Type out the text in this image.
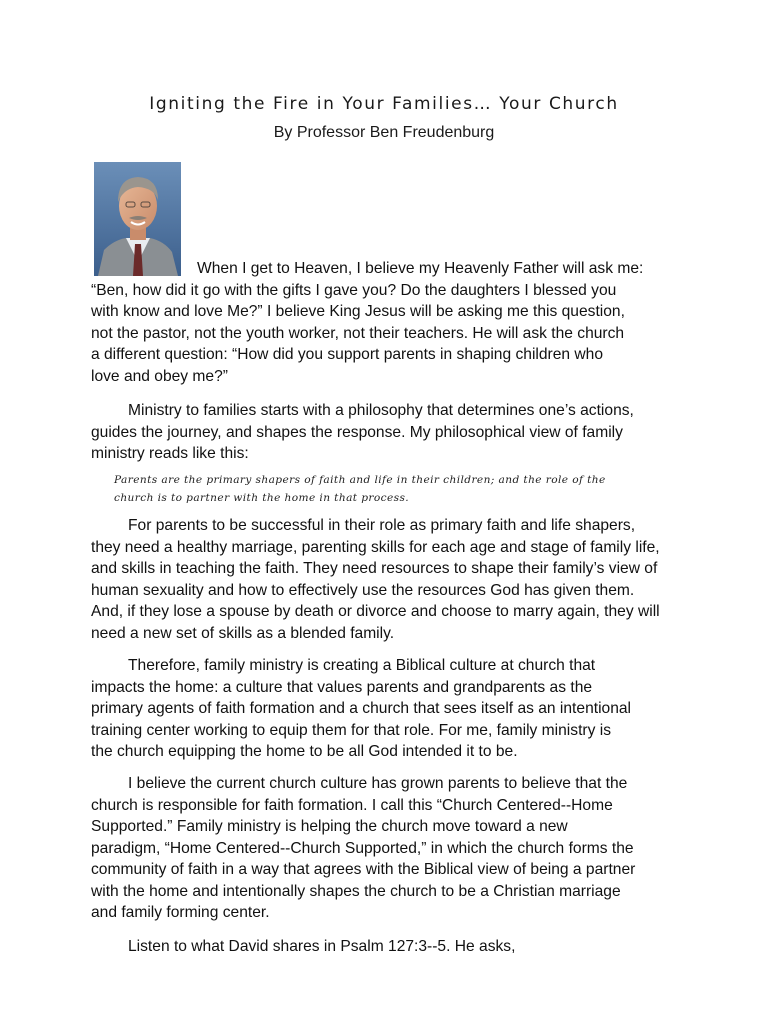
Igniting the Fire in Your Families… Your Church
By Professor Ben Freudenburg
When I get to Heaven, I believe my Heavenly Father will ask me:
“Ben, how did it go with the gifts I gave you? Do the daughters I blessed you
with know and love Me?” I believe King Jesus will be asking me this question,
not the pastor, not the youth worker, not their teachers. He will ask the church
a different question: “How did you support parents in shaping children who
love and obey me?”
Ministry to families starts with a philosophy that determines one’s actions,
guides the journey, and shapes the response. My philosophical view of family
ministry reads like this:
Parents are the primary shapers of faith and life in their children; and the role of the
church is to partner with the home in that process.
For parents to be successful in their role as primary faith and life shapers,
they need a healthy marriage, parenting skills for each age and stage of family life,
and skills in teaching the faith. They need resources to shape their family’s view of
human sexuality and how to effectively use the resources God has given them.
And, if they lose a spouse by death or divorce and choose to marry again, they will
need a new set of skills as a blended family.
Therefore, family ministry is creating a Biblical culture at church that
impacts the home: a culture that values parents and grandparents as the
primary agents of faith formation and a church that sees itself as an intentional
training center working to equip them for that role. For me, family ministry is
the church equipping the home to be all God intended it to be.
I believe the current church culture has grown parents to believe that the
church is responsible for faith formation. I call this “Church Centered-‐Home
Supported.” Family ministry is helping the church move toward a new
paradigm, “Home Centered-‐Church Supported,” in which the church forms the
community of faith in a way that agrees with the Biblical view of being a partner
with the home and intentionally shapes the church to be a Christian marriage
and family forming center.
Listen to what David shares in Psalm 127:3-‐5. He asks,
